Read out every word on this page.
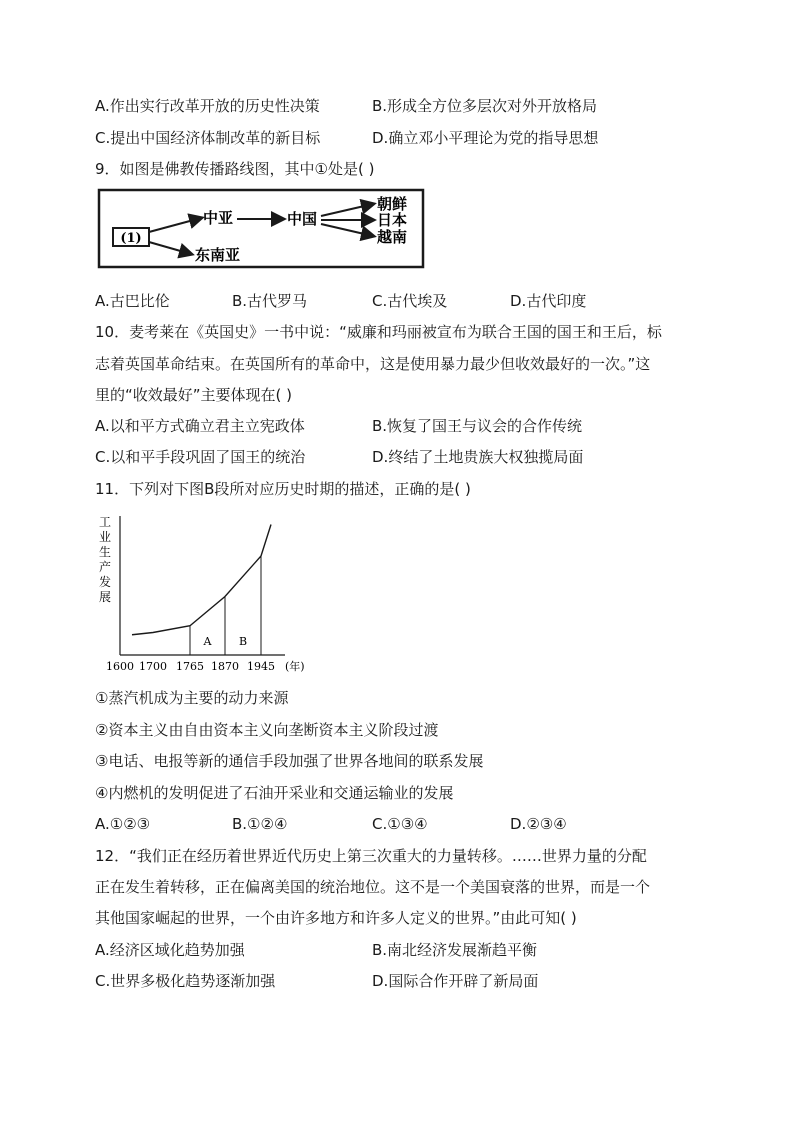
A.作出实行改革开放的历史性决策	B.形成全方位多层次对外开放格局
C.提出中国经济体制改革的新目标	D.确立邓小平理论为党的指导思想
9．如图是佛教传播路线图，其中①处是( )
(1)
中亚	中国
朝鲜
日本
越南
东南亚
A.古巴比伦	B.古代罗马	C.古代埃及	D.古代印度
10．麦考莱在《英国史》一书中说：“威廉和玛丽被宣布为联合王国的国王和王后，标
志着英国革命结束。在英国所有的革命中，这是使用暴力最少但收效最好的一次。”这
里的“收效最好”主要体现在( )
A.以和平方式确立君主立宪政体	B.恢复了国王与议会的合作传统
C.以和平手段巩固了国王的统治	D.终结了土地贵族大权独揽局面
11．下列对下图B段所对应历史时期的描述，正确的是( )
工
业
生
产
发
展
A B
1600 1700 1765 1870 1945 (年)
①蒸汽机成为主要的动力来源
②资本主义由自由资本主义向垄断资本主义阶段过渡
③电话、电报等新的通信手段加强了世界各地间的联系发展
④内燃机的发明促进了石油开采业和交通运输业的发展
A.①②③	B.①②④	C.①③④	D.②③④
12．“我们正在经历着世界近代历史上第三次重大的力量转移。……世界力量的分配
正在发生着转移，正在偏离美国的统治地位。这不是一个美国衰落的世界，而是一个
其他国家崛起的世界，一个由许多地方和许多人定义的世界。”由此可知( )
A.经济区域化趋势加强	B.南北经济发展渐趋平衡
C.世界多极化趋势逐渐加强	D.国际合作开辟了新局面
